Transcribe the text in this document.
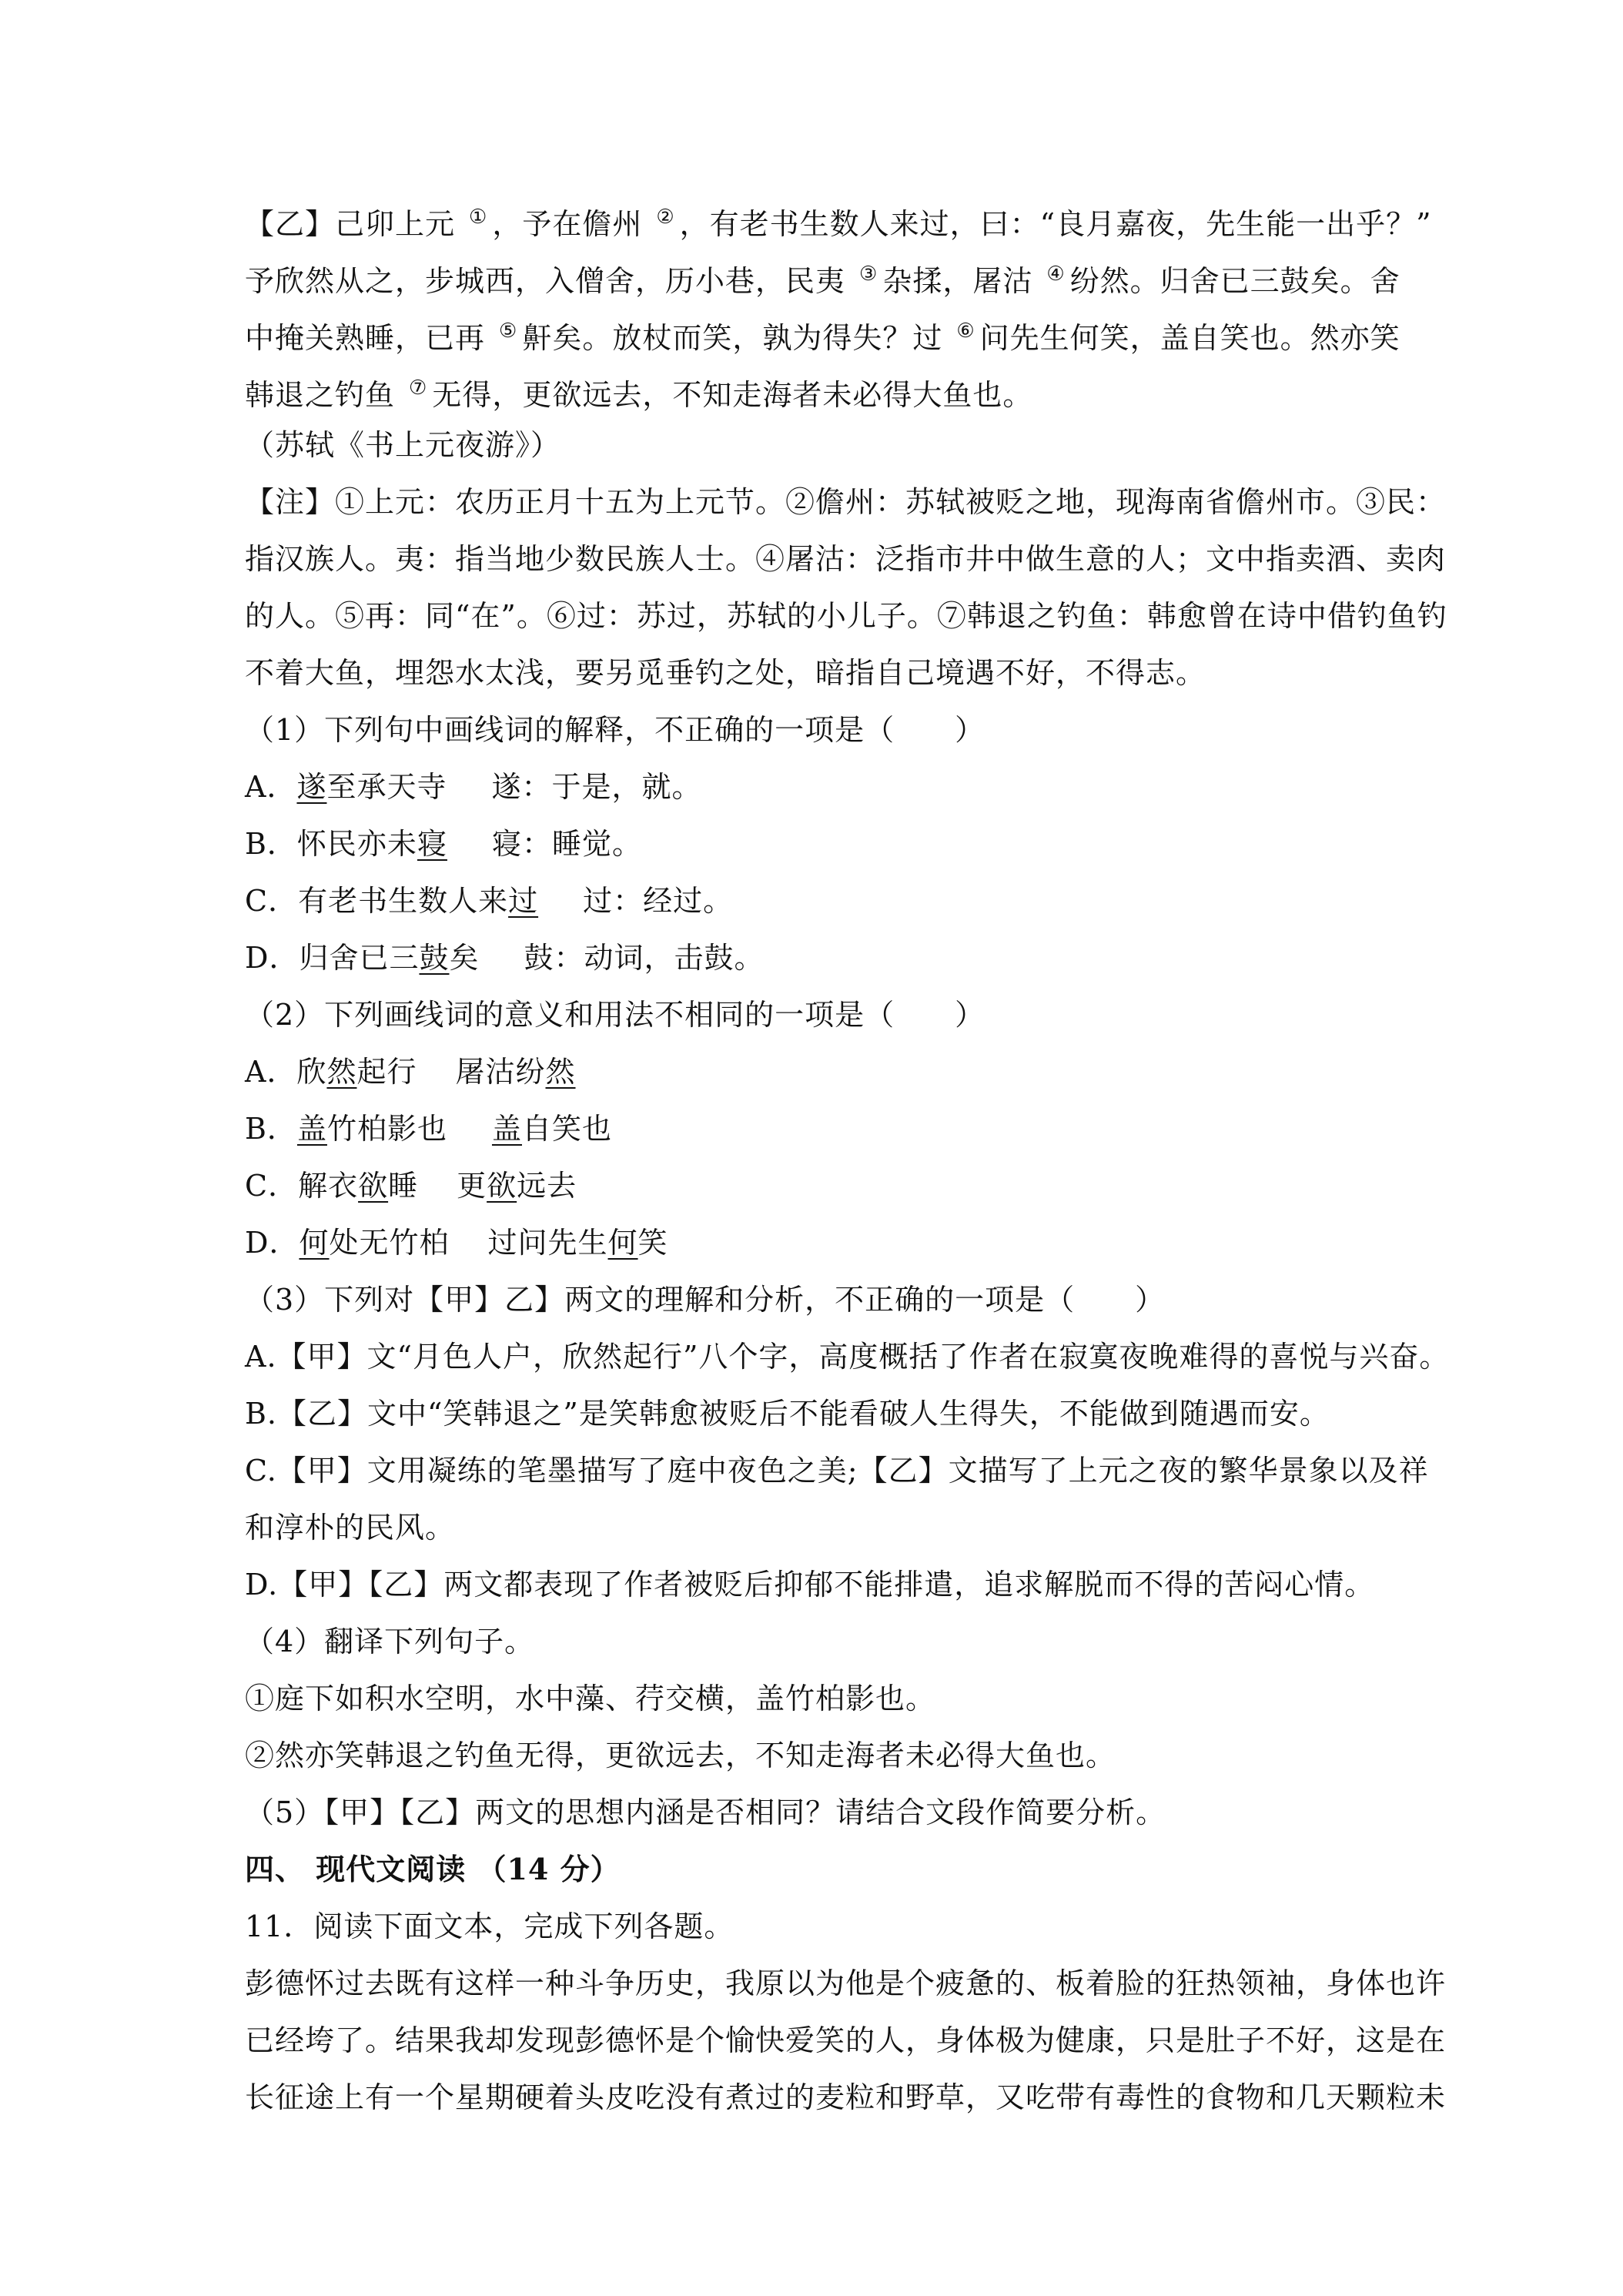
【乙】己卯上元 ① ，予在儋州 ② ，有老书生数人来过，曰：“良月嘉夜，先生能一出乎？”
予欣然从之，步城西，入僧舍，历小巷，民夷 ③ 杂揉，屠沽 ④ 纷然。归舍已三鼓矣。舍
中掩关熟睡，已再 ⑤ 鼾矣。放杖而笑，孰为得失？过 ⑥ 问先生何笑，盖自笑也。然亦笑
韩退之钓鱼 ⑦ 无得，更欲远去，不知走海者未必得大鱼也。
（苏轼《书上元夜游》）
【注】①上元：农历正月十五为上元节。②儋州：苏轼被贬之地，现海南省儋州市。③民：
指汉族人。夷：指当地少数民族人士。④屠沽：泛指市井中做生意的人；文中指卖酒、卖肉
的人。⑤再：同“在”。⑥过：苏过，苏轼的小儿子。⑦韩退之钓鱼：韩愈曾在诗中借钓鱼钓
不着大鱼，埋怨水太浅，要另觅垂钓之处，暗指自己境遇不好，不得志。
（1）下列句中画线词的解释，不正确的一项是（　　）
A．遂至承天寺 遂：于是，就。
B．怀民亦未寝 寝：睡觉。
C．有老书生数人来过 过：经过。
D．归舍已三鼓矣 鼓：动词，击鼓。
（2）下列画线词的意义和用法不相同的一项是（　　）
A．欣然起行 屠沽纷然
B．盖竹柏影也 盖自笑也
C．解衣欲睡 更欲远去
D．何处无竹柏 过问先生何笑
（3）下列对【甲】乙】两文的理解和分析，不正确的一项是（　　）
A.【甲】文“月色人户，欣然起行”八个字，高度概括了作者在寂寞夜晚难得的喜悦与兴奋。
B.【乙】文中“笑韩退之”是笑韩愈被贬后不能看破人生得失，不能做到随遇而安。
C.【甲】文用凝练的笔墨描写了庭中夜色之美;【乙】文描写了上元之夜的繁华景象以及祥
和淳朴的民风。
D.【甲】【乙】两文都表现了作者被贬后抑郁不能排遣，追求解脱而不得的苦闷心情。
（4）翻译下列句子。
①庭下如积水空明，水中藻、荇交横，盖竹柏影也。
②然亦笑韩退之钓鱼无得，更欲远去，不知走海者未必得大鱼也。
（5）【甲】【乙】两文的思想内涵是否相同？请结合文段作简要分析。
四、 现代文阅读 （14 分）
11．阅读下面文本，完成下列各题。
彭德怀过去既有这样一种斗争历史，我原以为他是个疲惫的、板着脸的狂热领袖，身体也许
已经垮了。结果我却发现彭德怀是个愉快爱笑的人，身体极为健康，只是肚子不好，这是在
长征途上有一个星期硬着头皮吃没有煮过的麦粒和野草，又吃带有毒性的食物和几天颗粒未
